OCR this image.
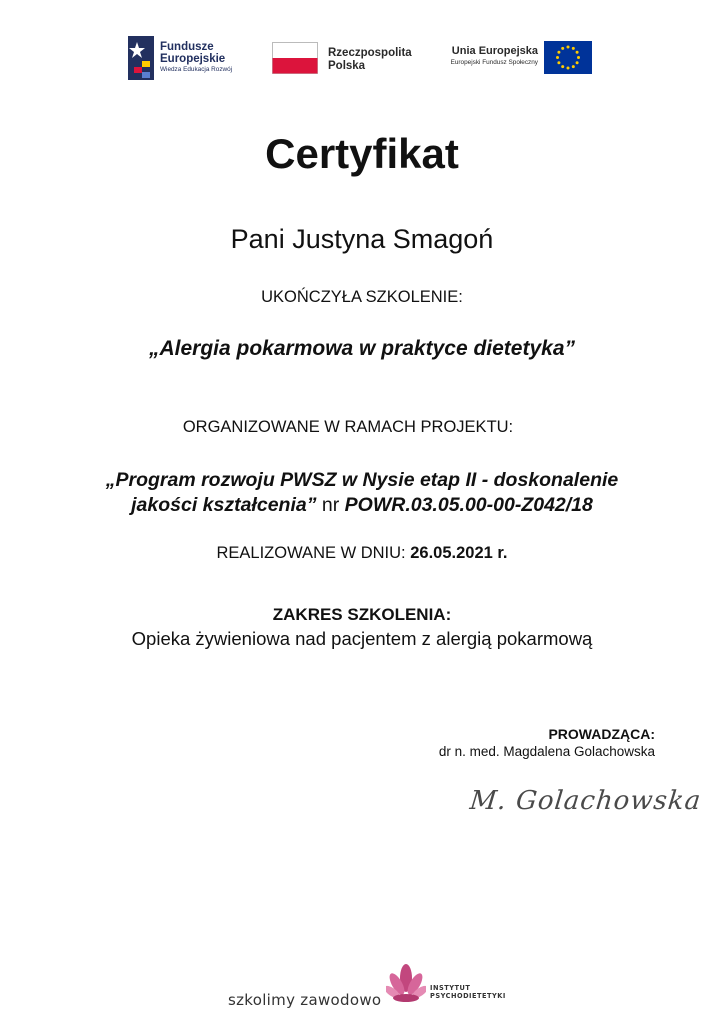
Fundusze
Europejskie
Wiedza Edukacja Rozwój
Rzeczpospolita
Polska
Unia Europejska
Europejski Fundusz Społeczny
Certyfikat
Pani Justyna Smagoń
UKOŃCZYŁA SZKOLENIE:
„Alergia pokarmowa w praktyce dietetyka”
ORGANIZOWANE W RAMACH PROJEKTU:
„Program rozwoju PWSZ w Nysie etap II - doskonalenie
jakości kształcenia” nr POWR.03.05.00-00-Z042/18
REALIZOWANE W DNIU: 26.05.2021 r.
ZAKRES SZKOLENIA:
Opieka żywieniowa nad pacjentem z alergią pokarmową
PROWADZĄCA:
dr n. med. Magdalena Golachowska
M. Golachowska
szkolimy zawodowo
INSTYTUT
PSYCHODIETETYKI
